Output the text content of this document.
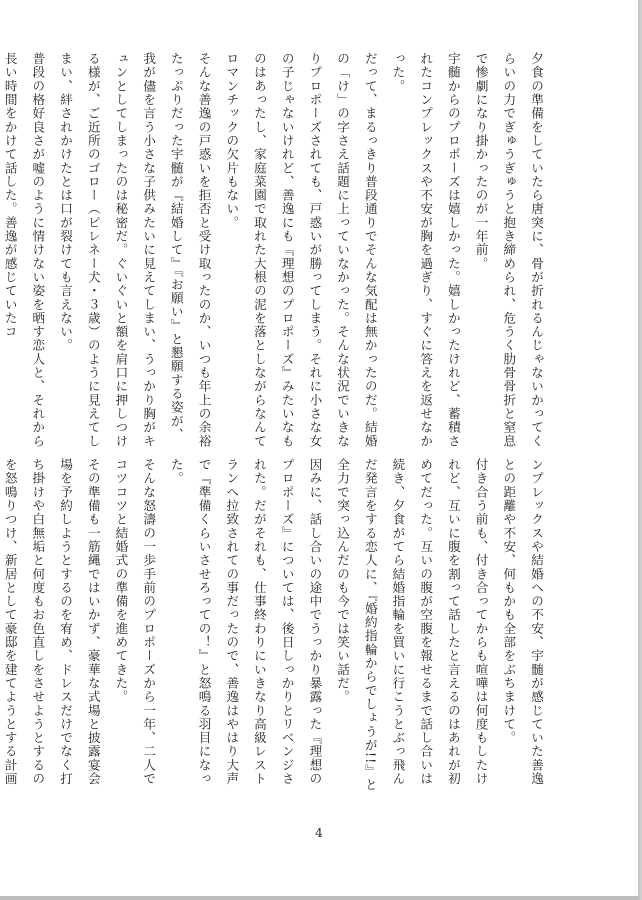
夕食の準備をしていたら唐突に、骨が折れるんじゃないかってくらいの力でぎゅうぎゅうと抱き締められ、危うく肋骨骨折と窒息で惨劇になり掛かったのが一年前。
宇髄からのプロポーズは嬉しかった。嬉しかったけれど、蓄積されたコンプレックスや不安が胸を過ぎり、すぐに答えを返せなかった。
だって、まるっきり普段通りでそんな気配は無かったのだ。結婚の「け」の字さえ話題に上っていなかった。そんな状況でいきなりプロポーズされても、戸惑いが勝ってしまう。それに小さな女の子じゃないけれど、善逸にも『理想のプロポーズ』みたいなものはあったし、家庭菜園で取れた大根の泥を落としながらなんてロマンチックの欠片もない。
そんな善逸の戸惑いを拒否と受け取ったのか、いつも年上の余裕たっぷりだった宇髄が『結婚して』『お願い』と懇願する姿が、我が儘を言う小さな子供みたいに見えてしまい、うっかり胸がキュンとしてしまったのは秘密だ。ぐいぐいと額を肩口に押しつける様が、ご近所のゴロー（ピレネー犬・３歳）のように見えてしまい、絆されかけたとは口が裂けても言えない。
普段の格好良さが嘘のように情けない姿を晒す恋人と、それから長い時間をかけて話した。善逸が感じていたコ
ンプレックスや結婚への不安、宇髄が感じていた善逸との距離や不安、何もかも全部をぶちまけて。
付き合う前も、付き合ってからも喧嘩は何度もしたけれど、互いに腹を割って話したと言えるのはあれが初めてだった。互いの腹が空腹を報せるまで話し合いは続き、夕食がてら結婚指輪を買いに行こうとぶっ飛んだ発言をする恋人に、『婚約指輪からでしょうが!!』と全力で突っ込んだのも今では笑い話だ。
因みに、話し合いの途中でうっかり暴露った『理想のプロポーズ』については、後日しっかりとリベンジされた。だがそれも、仕事終わりにいきなり高級レストランへ拉致されての事だったので、善逸はやはり大声で『準備くらいさせろっての！』と怒鳴る羽目になった。
そんな怒濤の一歩手前のプロポーズから一年、二人でコツコツと結婚式の準備を進めてきた。
その準備も一筋縄ではいかず、豪華な式場と披露宴会場を予約しようとするのを宥め、ドレスだけでなく打ち掛けや白無垢と何度もお色直しをさせようとするのを怒鳴りつけ、新居として豪邸を建てようとする計画
4
